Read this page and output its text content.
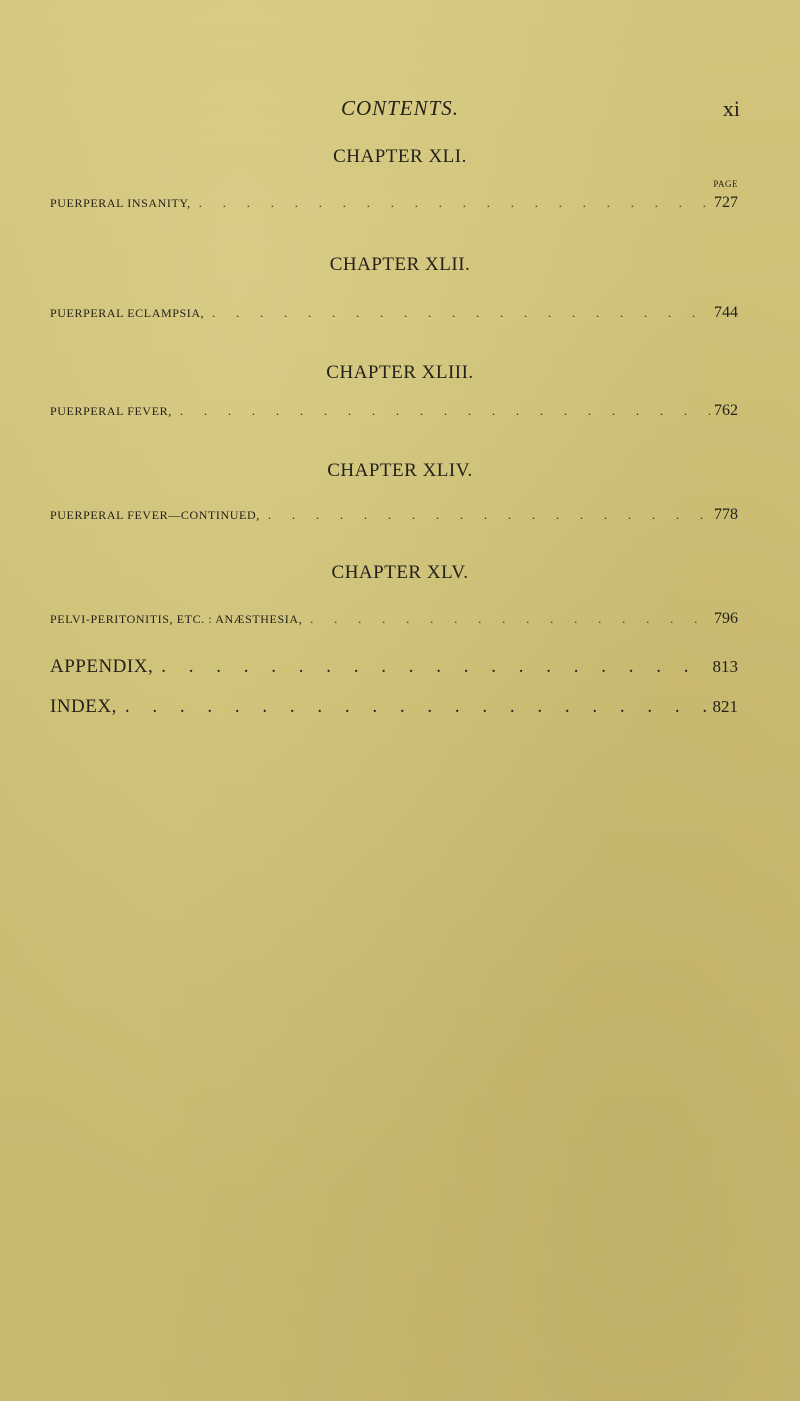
CONTENTS.	xi
CHAPTER XLI.
PAGE
PUERPERAL INSANITY, . . .	727
CHAPTER XLII.
PUERPERAL ECLAMPSIA, . . .	744
CHAPTER XLIII.
PUERPERAL FEVER, . . .	762
CHAPTER XLIV.
PUERPERAL FEVER—CONTINUED, . . .	778
CHAPTER XLV.
PELVI-PERITONITIS, ETC. : ANÆSTHESIA, . . .	796
APPENDIX, . . .	813
INDEX, . . .	821
